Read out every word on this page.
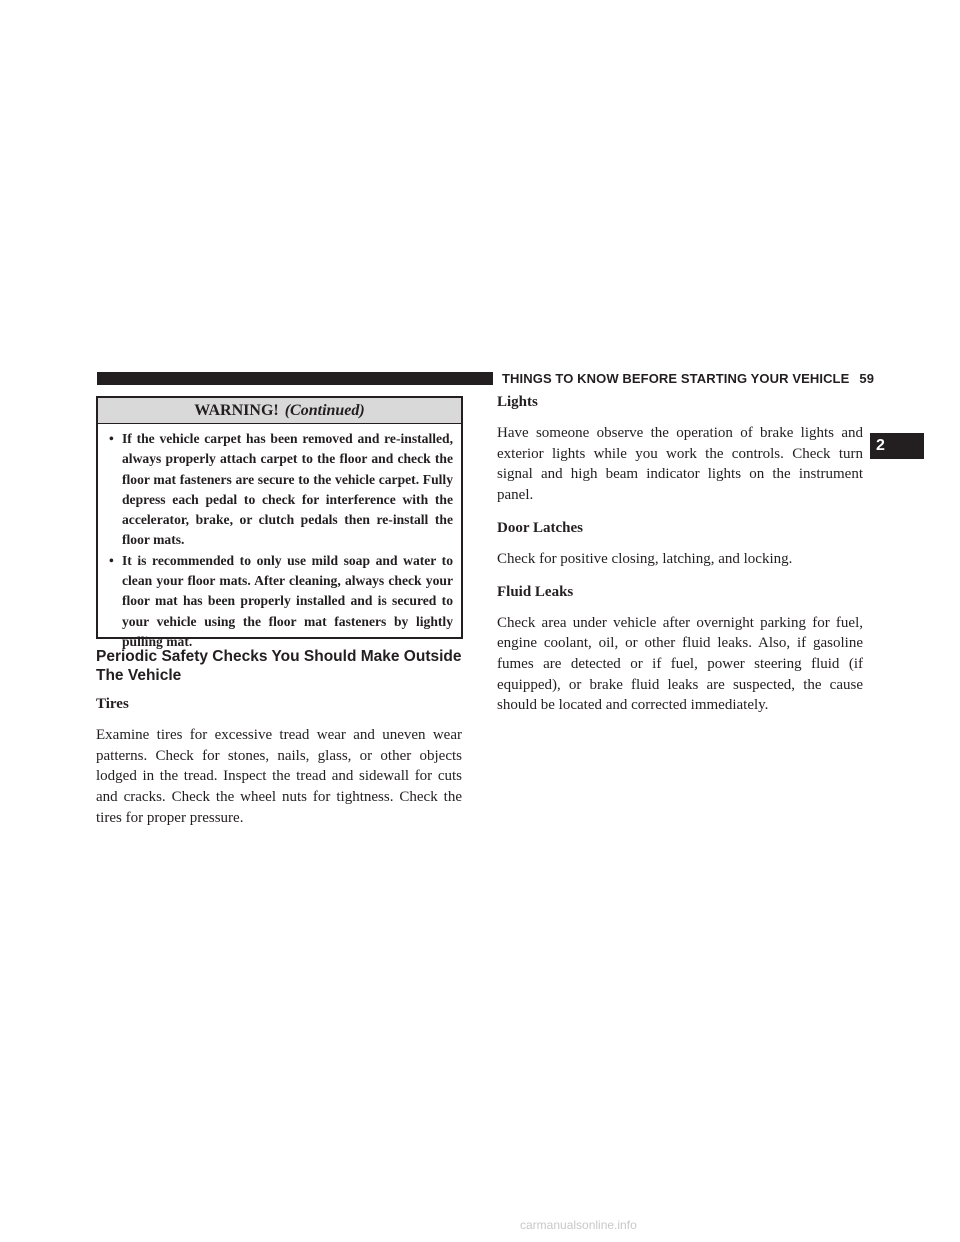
THINGS TO KNOW BEFORE STARTING YOUR VEHICLE 59
2
WARNING! (Continued)
• If the vehicle carpet has been removed and re-installed, always properly attach carpet to the floor and check the floor mat fasteners are secure to the vehicle carpet. Fully depress each pedal to check for interference with the accelerator, brake, or clutch pedals then re-install the floor mats.
• It is recommended to only use mild soap and water to clean your floor mats. After cleaning, always check your floor mat has been properly installed and is secured to your vehicle using the floor mat fasteners by lightly pulling mat.
Periodic Safety Checks You Should Make Outside The Vehicle
Tires

Examine tires for excessive tread wear and uneven wear patterns. Check for stones, nails, glass, or other objects lodged in the tread. Inspect the tread and sidewall for cuts and cracks. Check the wheel nuts for tightness. Check the tires for proper pressure.

Lights

Have someone observe the operation of brake lights and exterior lights while you work the controls. Check turn signal and high beam indicator lights on the instrument panel.

Door Latches

Check for positive closing, latching, and locking.

Fluid Leaks

Check area under vehicle after overnight parking for fuel, engine coolant, oil, or other fluid leaks. Also, if gasoline fumes are detected or if fuel, power steering fluid (if equipped), or brake fluid leaks are suspected, the cause should be located and corrected immediately.

carmanualsonline.info
